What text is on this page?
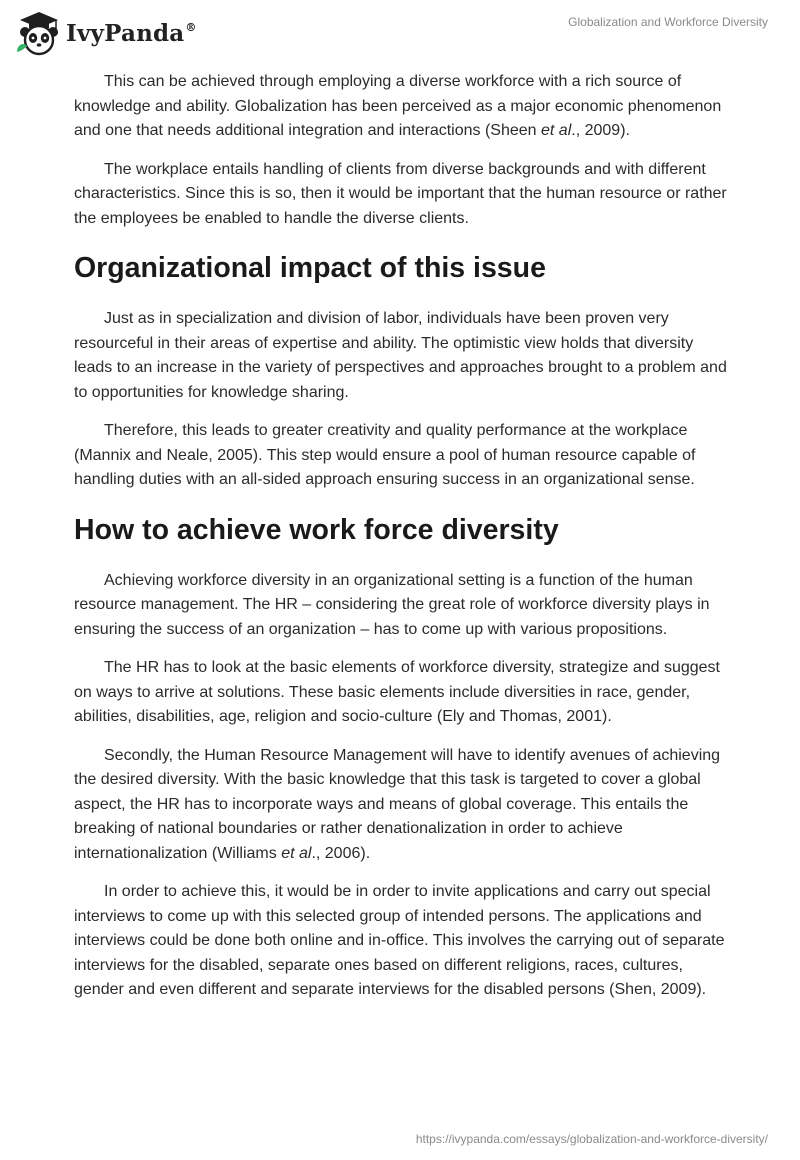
IvyPanda®	Globalization and Workforce Diversity

This can be achieved through employing a diverse workforce with a rich source of knowledge and ability. Globalization has been perceived as a major economic phenomenon and one that needs additional integration and interactions (Sheen et al., 2009).

The workplace entails handling of clients from diverse backgrounds and with different characteristics. Since this is so, then it would be important that the human resource or rather the employees be enabled to handle the diverse clients.

Organizational impact of this issue

Just as in specialization and division of labor, individuals have been proven very resourceful in their areas of expertise and ability. The optimistic view holds that diversity leads to an increase in the variety of perspectives and approaches brought to a problem and to opportunities for knowledge sharing.

Therefore, this leads to greater creativity and quality performance at the workplace (Mannix and Neale, 2005). This step would ensure a pool of human resource capable of handling duties with an all-sided approach ensuring success in an organizational sense.

How to achieve work force diversity

Achieving workforce diversity in an organizational setting is a function of the human resource management. The HR – considering the great role of workforce diversity plays in ensuring the success of an organization – has to come up with various propositions.

The HR has to look at the basic elements of workforce diversity, strategize and suggest on ways to arrive at solutions. These basic elements include diversities in race, gender, abilities, disabilities, age, religion and socio-culture (Ely and Thomas, 2001).

Secondly, the Human Resource Management will have to identify avenues of achieving the desired diversity. With the basic knowledge that this task is targeted to cover a global aspect, the HR has to incorporate ways and means of global coverage. This entails the breaking of national boundaries or rather denationalization in order to achieve internationalization (Williams et al., 2006).

In order to achieve this, it would be in order to invite applications and carry out special interviews to come up with this selected group of intended persons. The applications and interviews could be done both online and in-office. This involves the carrying out of separate interviews for the disabled, separate ones based on different religions, races, cultures, gender and even different and separate interviews for the disabled persons (Shen, 2009).

https://ivypanda.com/essays/globalization-and-workforce-diversity/
